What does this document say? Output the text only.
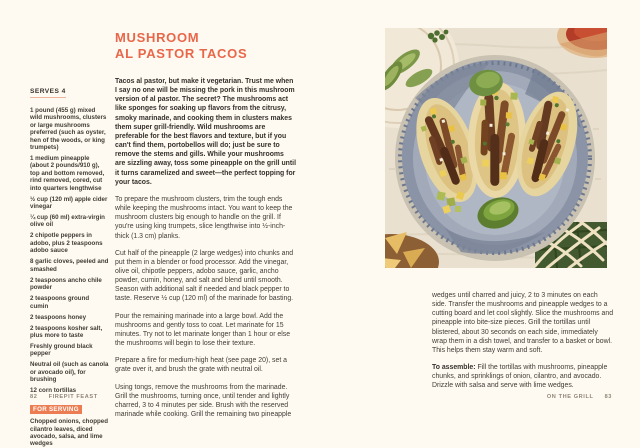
SERVES 4

1 pound (455 g) mixed wild mushrooms, clusters or large mushrooms preferred (such as oyster, hen of the woods, or king trumpets)

1 medium pineapple (about 2 pounds/910 g), top and bottom removed, rind removed, cored, cut into quarters lengthwise

½ cup (120 ml) apple cider vinegar

¼ cup (60 ml) extra-virgin olive oil

2 chipotle peppers in adobo, plus 2 teaspoons adobo sauce

8 garlic cloves, peeled and smashed

2 teaspoons ancho chile powder

2 teaspoons ground cumin

2 teaspoons honey

2 teaspoons kosher salt, plus more to taste

Freshly ground black pepper

Neutral oil (such as canola or avocado oil), for brushing

12 corn tortillas

FOR SERVING

Chopped onions, chopped cilantro leaves, diced avocado, salsa, and lime wedges

MUSHROOM
AL PASTOR TACOS

Tacos al pastor, but make it vegetarian. Trust me when I say no one will be missing the pork in this mushroom version of al pastor. The secret? The mushrooms act like sponges for soaking up flavors from the citrusy, smoky marinade, and cooking them in clusters makes them super grill-friendly. Wild mushrooms are preferable for the best flavors and texture, but if you can't find them, portobellos will do; just be sure to remove the stems and gills. While your mushrooms are sizzling away, toss some pineapple on the grill until it turns caramelized and sweet—the perfect topping for your tacos.

To prepare the mushroom clusters, trim the tough ends while keeping the mushrooms intact. You want to keep the mushroom clusters big enough to handle on the grill. If you're using king trumpets, slice lengthwise into ½-inch-thick (1.3 cm) planks.

Cut half of the pineapple (2 large wedges) into chunks and put them in a blender or food processor. Add the vinegar, olive oil, chipotle peppers, adobo sauce, garlic, ancho powder, cumin, honey, and salt and blend until smooth. Season with additional salt if needed and black pepper to taste. Reserve ½ cup (120 ml) of the marinade for basting.

Pour the remaining marinade into a large bowl. Add the mushrooms and gently toss to coat. Let marinate for 15 minutes. Try not to let marinate longer than 1 hour or else the mushrooms will begin to lose their texture.

Prepare a fire for medium-high heat (see page 20), set a grate over it, and brush the grate with neutral oil.

Using tongs, remove the mushrooms from the marinade. Grill the mushrooms, turning once, until tender and lightly charred, 3 to 4 minutes per side. Brush with the reserved marinade while cooking. Grill the remaining two pineapple

82 FIREPIT FEAST

wedges until charred and juicy, 2 to 3 minutes on each side. Transfer the mushrooms and pineapple wedges to a cutting board and let cool slightly. Slice the mushrooms and pineapple into bite-size pieces. Grill the tortillas until blistered, about 30 seconds on each side, immediately wrap them in a dish towel, and transfer to a basket or bowl. This helps them stay warm and soft.

To assemble: Fill the tortillas with mushrooms, pineapple chunks, and sprinklings of onion, cilantro, and avocado. Drizzle with salsa and serve with lime wedges.

ON THE GRILL 83
